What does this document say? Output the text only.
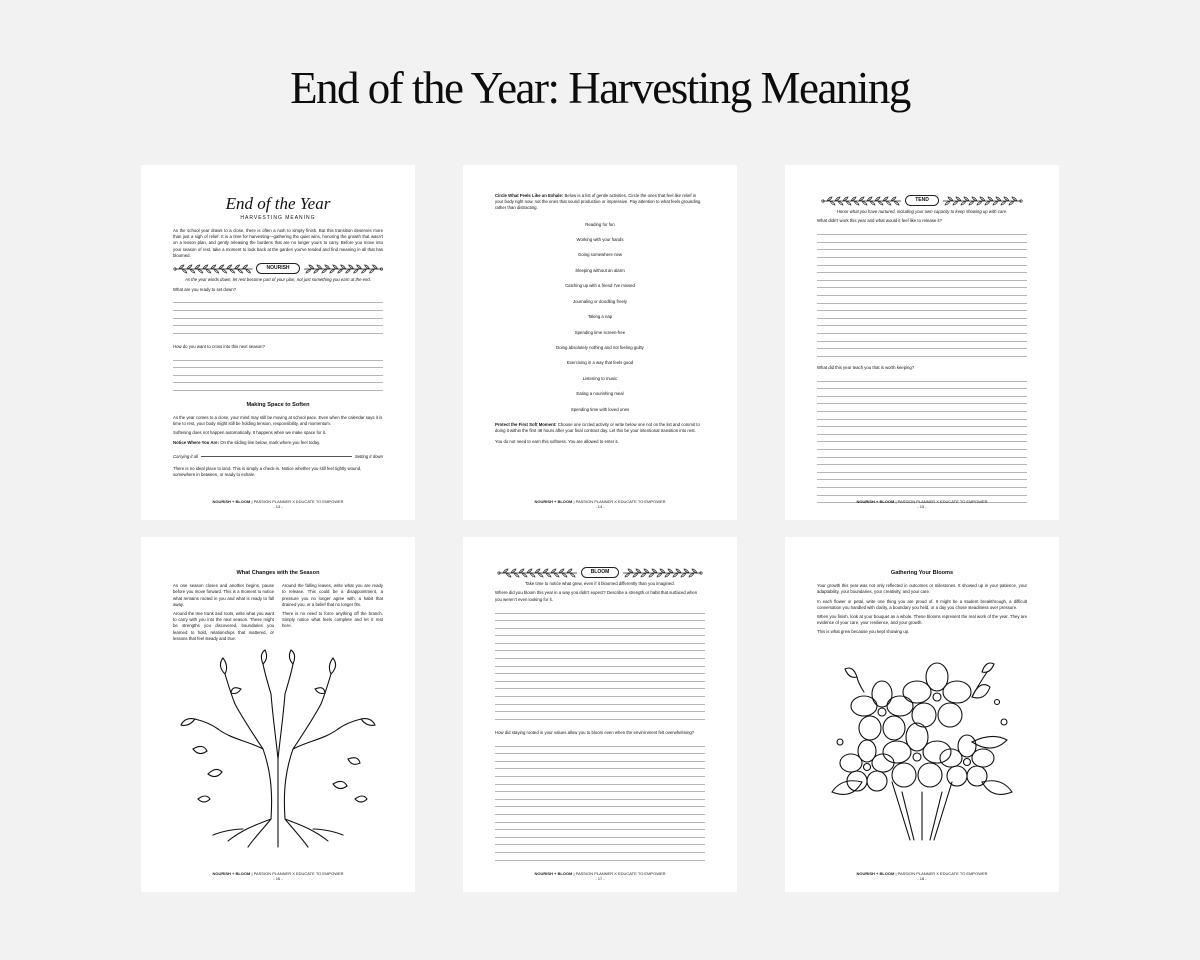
End of the Year: Harvesting Meaning
End of the Year
HARVESTING MEANING

As the school year draws to a close, there is often a rush to simply finish. But this transition deserves more than just a sigh of relief. It is a time for harvesting—gathering the quiet wins, honoring the growth that wasn't on a lesson plan, and gently releasing the burdens that are no longer yours to carry. Before you move into your season of rest, take a moment to look back at the garden you've tended and find meaning in all that has bloomed.

NOURISH

As the year winds down, let rest become part of your plan, not just something you earn at the end.

What are you ready to set down?

How do you want to cross into this next season?

Making Space to Soften

As the year comes to a close, your mind may still be moving at school pace. Even when the calendar says it is time to rest, your body might still be holding tension, responsibility, and momentum.

Softening does not happen automatically. It happens when we make space for it.

Notice Where You Are: On the sliding line below, mark where you feel today.

Carrying it all	Setting it down

There is no ideal place to land. This is simply a check-in. Notice whether you still feel tightly wound, somewhere in between, or ready to exhale.

NOURISH + BLOOM | PASSION PLANNER X EDUCATE TO EMPOWER
- 13 -

Circle What Feels Like an Exhale: Below is a list of gentle activities. Circle the ones that feel like relief in your body right now, not the ones that sound productive or impressive. Pay attention to what feels grounding rather than distracting.

Reading for fun
Working with your hands
Going somewhere new
Sleeping without an alarm
Catching up with a friend I've missed
Journaling or doodling freely
Taking a nap
Spending time screen-free
Doing absolutely nothing and not feeling guilty
Exercising in a way that feels good
Listening to music
Eating a nourishing meal
Spending time with loved ones

Protect the First Soft Moment: Choose one circled activity or write below one not on the list and commit to doing it within the first 48 hours after your final contract day. Let this be your intentional transition into rest.

You do not need to earn this softness. You are allowed to enter it.

NOURISH + BLOOM | PASSION PLANNER X EDUCATE TO EMPOWER
- 14 -
TEND

Honor what you have nurtured, including your own capacity to keep showing up with care.

What didn't work this year and what would it feel like to release it?

What did this year teach you that is worth keeping?

NOURISH + BLOOM | PASSION PLANNER X EDUCATE TO EMPOWER
- 15 -
What Changes with the Season

As one season closes and another begins, pause before you move forward. This is a moment to notice what remains rooted in you and what is ready to fall away.

Around the tree trunk and roots, write what you want to carry with you into the next season. These might be strengths you discovered, boundaries you learned to hold, relationships that mattered, or lessons that feel steady and true.

Around the falling leaves, write what you are ready to release. This could be a disappointment, a pressure you no longer agree with, a habit that drained you, or a belief that no longer fits.

There is no need to force anything off the branch. Simply notice what feels complete and let it rest here.

NOURISH + BLOOM | PASSION PLANNER X EDUCATE TO EMPOWER
- 16 -
BLOOM

Take time to notice what grew, even if it bloomed differently than you imagined.

Where did you bloom this year in a way you didn't expect? Describe a strength or habit that surfaced when you weren't even looking for it.

How did staying rooted in your values allow you to bloom even when the environment felt overwhelming?

NOURISH + BLOOM | PASSION PLANNER X EDUCATE TO EMPOWER
- 17 -
Gathering Your Blooms

Your growth this year was not only reflected in outcomes or milestones. It showed up in your patience, your adaptability, your boundaries, your creativity, and your care.

In each flower or petal, write one thing you are proud of. It might be a student breakthrough, a difficult conversation you handled with clarity, a boundary you held, or a day you chose steadiness over pressure.

When you finish, look at your bouquet as a whole. These blooms represent the real work of the year. They are evidence of your care, your resilience, and your growth.

This is what grew because you kept showing up.

NOURISH + BLOOM | PASSION PLANNER X EDUCATE TO EMPOWER
- 18 -
